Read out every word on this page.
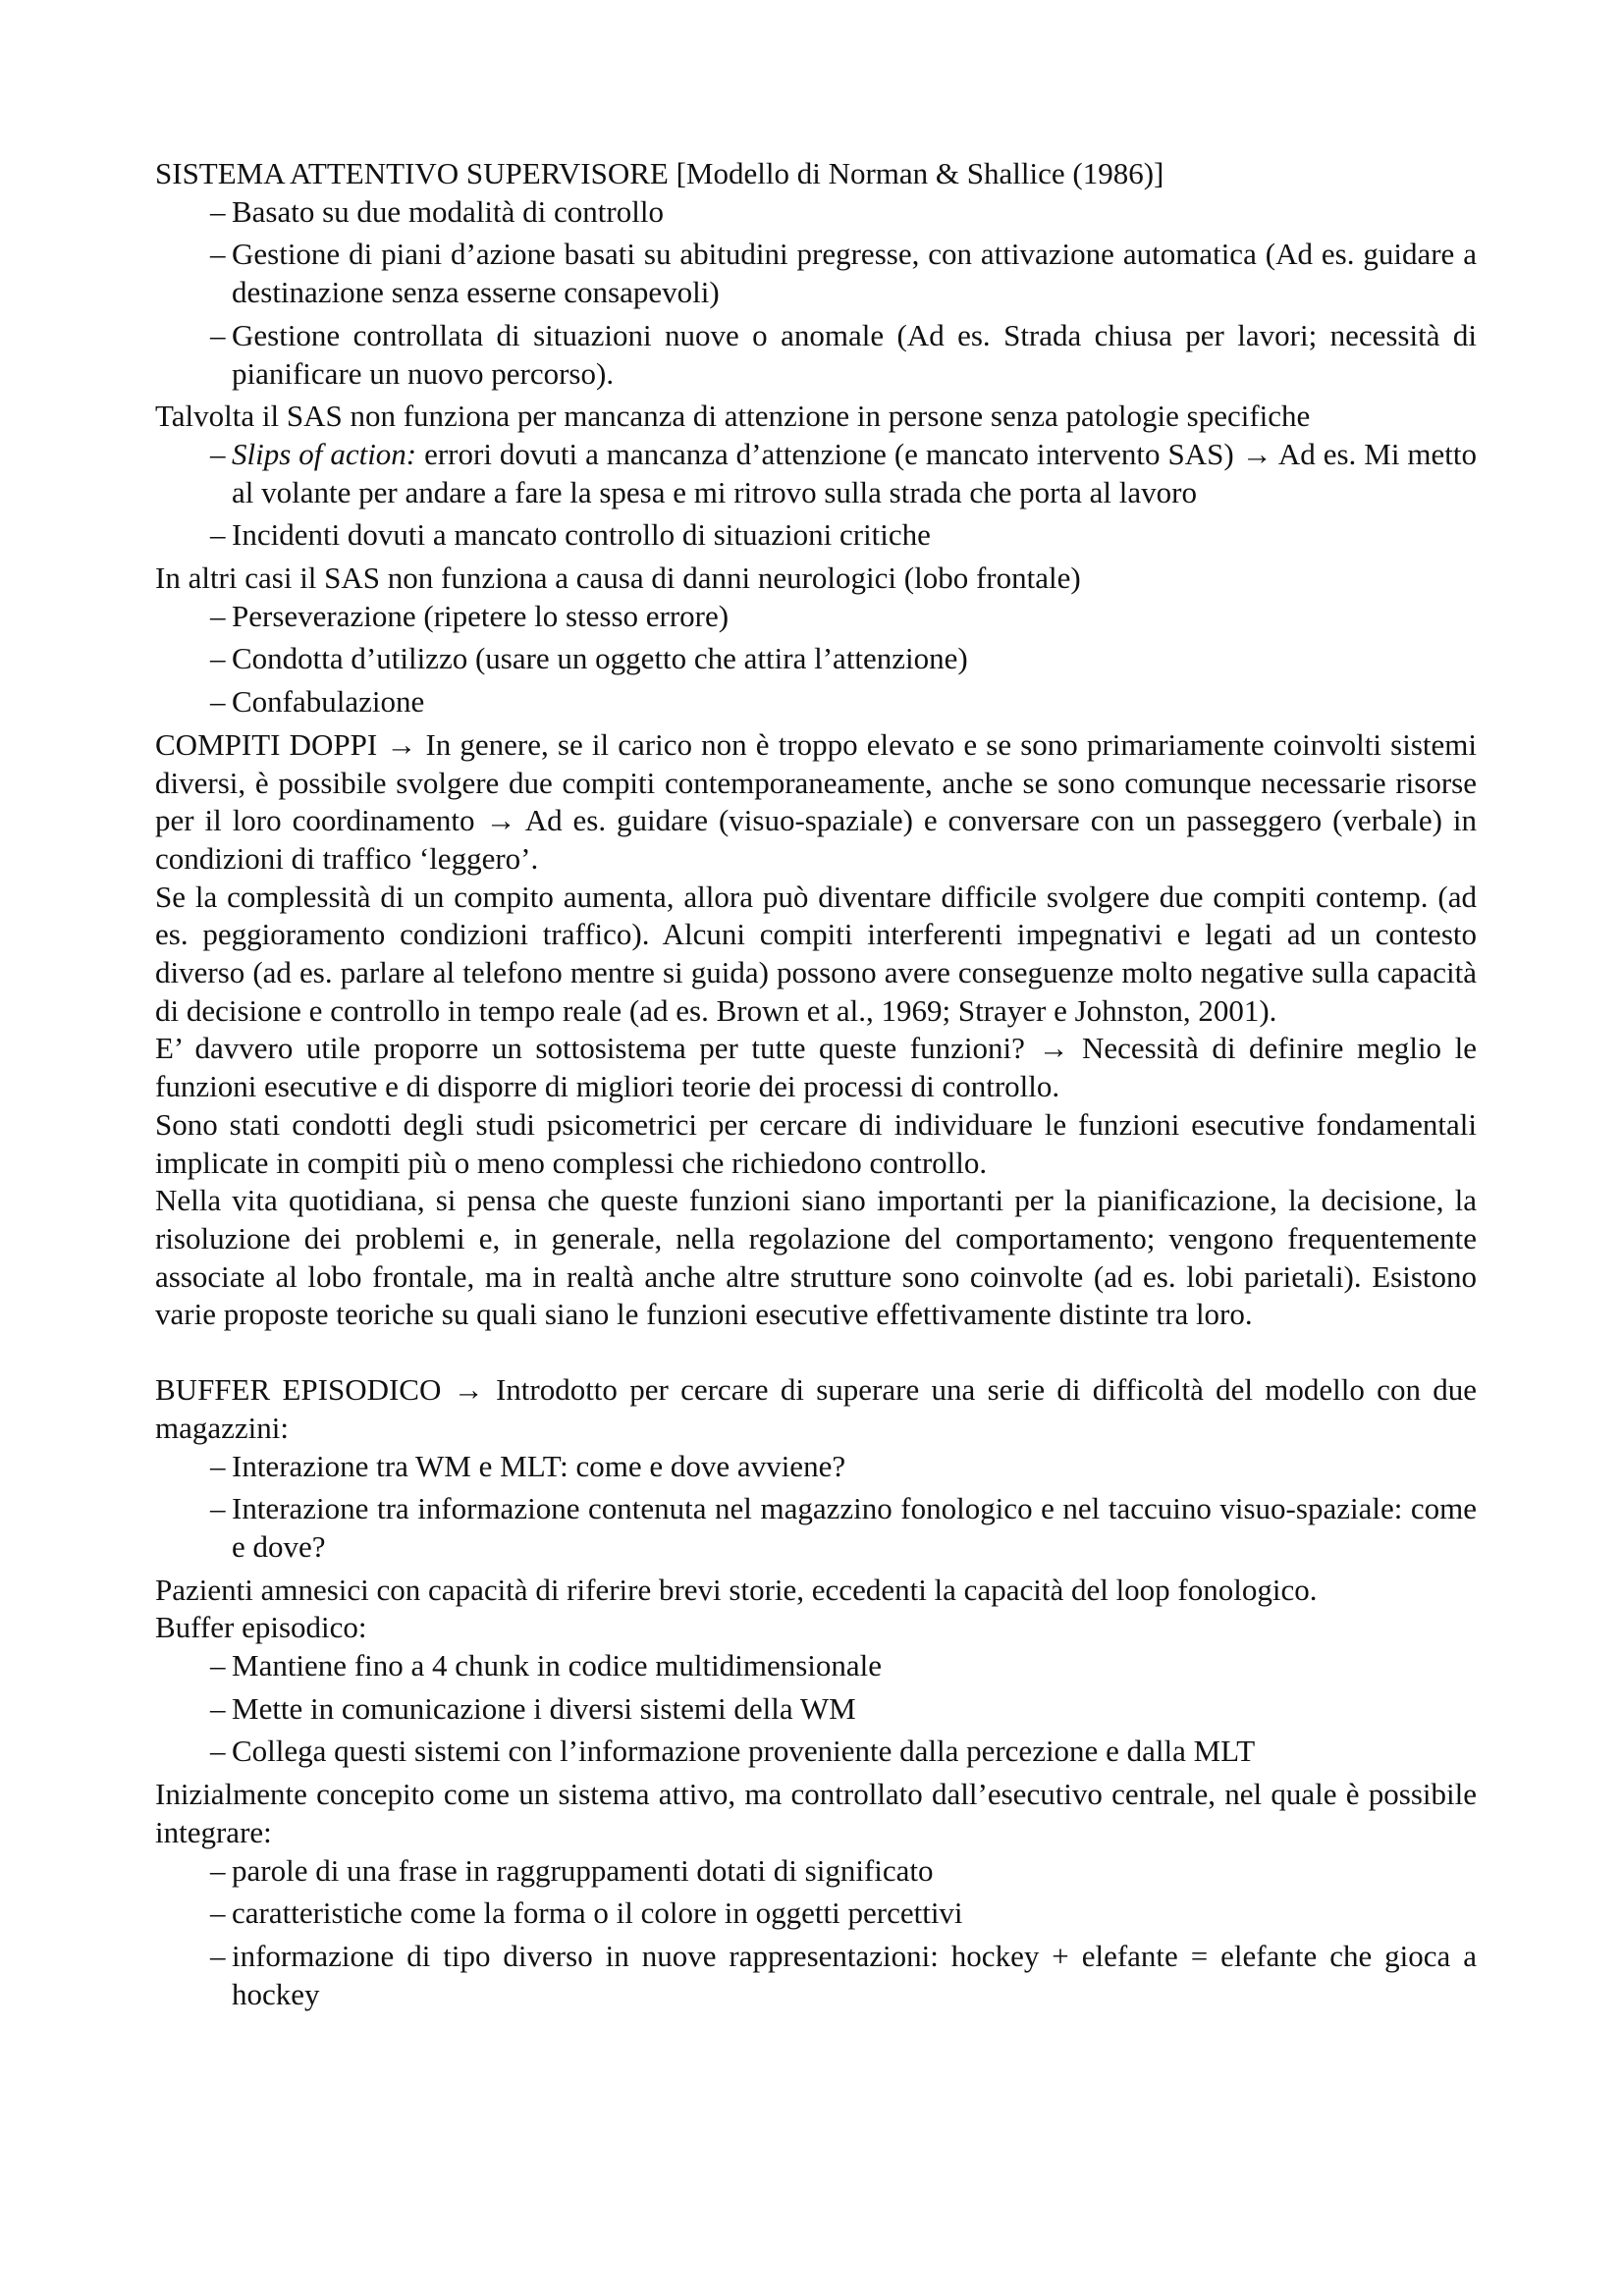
SISTEMA ATTENTIVO SUPERVISORE [Modello di Norman & Shallice (1986)]

– Basato su due modalità di controllo
– Gestione di piani d’azione basati su abitudini pregresse, con attivazione automatica (Ad es. guidare a destinazione senza esserne consapevoli)
– Gestione controllata di situazioni nuove o anomale (Ad es. Strada chiusa per lavori; necessità di pianificare un nuovo percorso).

Talvolta il SAS non funziona per mancanza di attenzione in persone senza patologie specifiche

– Slips of action: errori dovuti a mancanza d’attenzione (e mancato intervento SAS) → Ad es. Mi metto al volante per andare a fare la spesa e mi ritrovo sulla strada che porta al lavoro
– Incidenti dovuti a mancato controllo di situazioni critiche

In altri casi il SAS non funziona a causa di danni neurologici (lobo frontale)

– Perseverazione (ripetere lo stesso errore)
– Condotta d’utilizzo (usare un oggetto che attira l’attenzione)
– Confabulazione

COMPITI DOPPI → In genere, se il carico non è troppo elevato e se sono primariamente coinvolti sistemi diversi, è possibile svolgere due compiti contemporaneamente, anche se sono comunque necessarie risorse per il loro coordinamento → Ad es. guidare (visuo-spaziale) e conversare con un passeggero (verbale) in condizioni di traffico ‘leggero’.

Se la complessità di un compito aumenta, allora può diventare difficile svolgere due compiti contemp. (ad es. peggioramento condizioni traffico). Alcuni compiti interferenti impegnativi e legati ad un contesto diverso (ad es. parlare al telefono mentre si guida) possono avere conseguenze molto negative sulla capacità di decisione e controllo in tempo reale (ad es. Brown et al., 1969; Strayer e Johnston, 2001).

E’ davvero utile proporre un sottosistema per tutte queste funzioni? → Necessità di definire meglio le funzioni esecutive e di disporre di migliori teorie dei processi di controllo.

Sono stati condotti degli studi psicometrici per cercare di individuare le funzioni esecutive fondamentali implicate in compiti più o meno complessi che richiedono controllo.

Nella vita quotidiana, si pensa che queste funzioni siano importanti per la pianificazione, la decisione, la risoluzione dei problemi e, in generale, nella regolazione del comportamento; vengono frequentemente associate al lobo frontale, ma in realtà anche altre strutture sono coinvolte (ad es. lobi parietali). Esistono varie proposte teoriche su quali siano le funzioni esecutive effettivamente distinte tra loro.

BUFFER EPISODICO → Introdotto per cercare di superare una serie di difficoltà del modello con due magazzini:

– Interazione tra WM e MLT: come e dove avviene?
– Interazione tra informazione contenuta nel magazzino fonologico e nel taccuino visuo-spaziale: come e dove?

Pazienti amnesici con capacità di riferire brevi storie, eccedenti la capacità del loop fonologico.

Buffer episodico:

– Mantiene fino a 4 chunk in codice multidimensionale
– Mette in comunicazione i diversi sistemi della WM
– Collega questi sistemi con l’informazione proveniente dalla percezione e dalla MLT

Inizialmente concepito come un sistema attivo, ma controllato dall’esecutivo centrale, nel quale è possibile integrare:

– parole di una frase in raggruppamenti dotati di significato
– caratteristiche come la forma o il colore in oggetti percettivi
– informazione di tipo diverso in nuove rappresentazioni: hockey + elefante = elefante che gioca a hockey
